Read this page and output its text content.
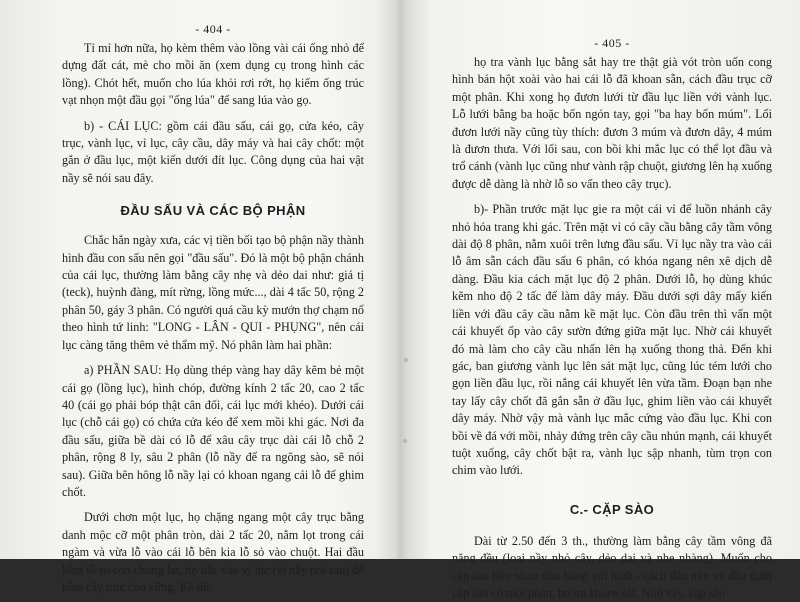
- 404 -

Tỉ mỉ hơn nữa, họ kèm thêm vào lồng vài cái ống nhỏ để dựng đất cát, mè cho mồi ăn (xem dụng cụ trong hình các lồng). Chót hết, muốn cho lúa khỏi rơi rớt, họ kiếm ống trúc vạt nhọn một đầu gọi "ống lúa" để sang lúa vào gọ.

b) - CÁI LỤC: gồm cái đầu sấu, cái gọ, cửa kéo, cây trục, vành lục, vỉ lục, cây cầu, dây máy và hai cây chốt: một gắn ở đầu lục, một kiến dưới đít lục. Công dụng của hai vật nầy sẽ nói sau đây.

ĐẦU SẤU VÀ CÁC BỘ PHẬN

Chắc hẳn ngày xưa, các vị tiền bối tạo bộ phận nầy thành hình đầu con sấu nên gọi "đầu sấu". Đó là một bộ phận chánh của cái lục, thường làm bằng cây nhẹ và dẻo dai như: giá tị (teck), huỳnh đàng, mít rừng, lồng mức..., dài 4 tấc 50, rộng 2 phân 50, gáy 3 phân. Có người quá cầu kỳ mướn thợ chạm nổ theo hình tứ linh: "LONG - LÂN - QUI - PHỤNG", nên cái lục càng tăng thêm vẻ thẩm mỹ. Nó phân làm hai phần:

a) PHẦN SAU: Họ dùng thép vàng hay dây kẽm bẻ một cái gọ (lồng lục), hình chóp, đường kính 2 tấc 20, cao 2 tấc 40 (cái gọ phải bóp thật cân đối, cái lục mới khéo). Dưới cái lục (chỗ cái gọ) có chứa cửa kéo để xem mồi khi gác. Nơi đa đầu sấu, giữa bề dài có lỗ để xâu cây trục dài cái lỗ chỗ 2 phân, rộng 8 ly, sâu 2 phân (lỗ nầy để ra ngõng sào, sẽ nói sau). Giữa bên hông lỗ nầy lại có khoan ngang cái lỗ để ghim chốt.

Dưới chơn một lục, họ chặng ngang một cây trục bằng danh mộc cỡ một phân tròn, dài 2 tấc 20, nằm lọt trong cái ngàm và vừa lỗ vào cái lỗ bên kia lỗ sỏ vào chuột. Hai đầu kềm lỗ so con chung lại, họ bấc vào vỉ lục (vỉ nầy nói sau) để kềm cây trục cho vững. Kế đó,

- 405 -

họ tra vành lục bằng sắt hay tre thật già vót tròn uốn cong hình bán hột xoài vào hai cái lỗ đã khoan sẵn, cách đầu trục cỡ một phân. Khi xong họ đươn lưới từ đầu lục liền với vành lục. Lỗ lưới bằng ba hoặc bốn ngón tay, gọi "ba hay bốn múm". Lối đươn lưới nầy cũng tùy thích: đươn 3 múm và đươn dây, 4 múm là đươn thưa. Với lối sau, con bồi khi mắc lục có thể lọt đầu và trổ cánh (vành lục cũng như vành rập chuột, giương lên hạ xuống được dễ dàng là nhờ lỗ so vấn theo cây trục).

b)- Phần trước mặt lục gie ra một cái vỉ để luồn nhánh cây nhỏ hóa trang khi gác. Trên mặt vỉ có cây cầu bằng cây tầm vông dài độ 8 phân, nằm xuôi trên lưng đầu sấu. Vỉ lục nầy tra vào cái lỗ âm sẵn cách đầu sấu 6 phân, có khóa ngang nên xê dịch dễ dàng. Đầu kia cách mặt lục độ 2 phân. Dưới lỗ, họ dùng khúc kẽm nho độ 2 tấc để làm dây máy. Đầu dưới sợi dây mấy kiến liền với đầu cây cầu nằm kề mặt lục. Còn đầu trên thì vấn một cái khuyết ốp vào cây sườn đứng giữa mặt lục. Nhờ cái khuyết đó mà làm cho cây cầu nhấn lên hạ xuống thong thả. Đến khi gác, ban giương vành lục lên sát mặt lục, cũng lúc tém lưới cho gọn liền đầu lục, rồi nắng cái khuyết lên vừa tầm. Đoạn bạn nhe tay lấy cây chốt đã gắn sẵn ở đầu lục, ghim liền vào cái khuyết dây máy. Nhờ vậy mà vành lục mắc cứng vào đầu lục. Khi con bồi về đá với mồi, nhảy đứng trên cây cầu nhún mạnh, cái khuyết tuột xuống, cây chốt bật ra, vành lục sập nhanh, tùm trọn con chim vào lưới.

C.- CẶP SÀO

Dài từ 2.50 đến 3 th., thường làm bằng cây tầm vông đã năng đều (loại nầy nhỏ cây, dẻo dai và nhẹ nhàng). Muốn cho cặp sào liền nhau như bóng với hình - cách đầu trên và đầu dưới cặp sào cỡ một phân, họ tra khoen sắt. Nhờ vậy, cặp sào
